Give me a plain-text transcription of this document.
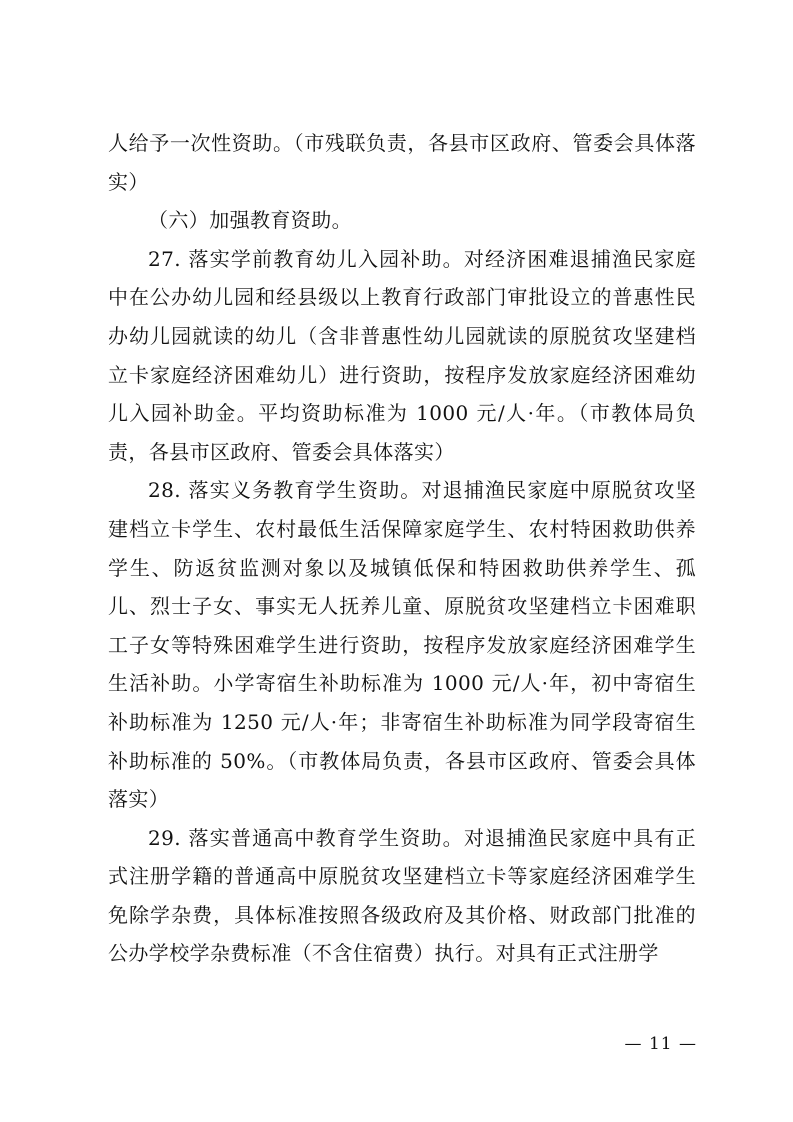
人给予一次性资助。（市残联负责，各县市区政府、管委会具体落实）

（六）加强教育资助。

27. 落实学前教育幼儿入园补助。对经济困难退捕渔民家庭中在公办幼儿园和经县级以上教育行政部门审批设立的普惠性民办幼儿园就读的幼儿（含非普惠性幼儿园就读的原脱贫攻坚建档立卡家庭经济困难幼儿）进行资助，按程序发放家庭经济困难幼儿入园补助金。平均资助标准为 1000 元/人·年。（市教体局负责，各县市区政府、管委会具体落实）

28. 落实义务教育学生资助。对退捕渔民家庭中原脱贫攻坚建档立卡学生、农村最低生活保障家庭学生、农村特困救助供养学生、防返贫监测对象以及城镇低保和特困救助供养学生、孤儿、烈士子女、事实无人抚养儿童、原脱贫攻坚建档立卡困难职工子女等特殊困难学生进行资助，按程序发放家庭经济困难学生生活补助。小学寄宿生补助标准为 1000 元/人·年，初中寄宿生补助标准为 1250 元/人·年；非寄宿生补助标准为同学段寄宿生补助标准的 50%。（市教体局负责，各县市区政府、管委会具体落实）

29. 落实普通高中教育学生资助。对退捕渔民家庭中具有正式注册学籍的普通高中原脱贫攻坚建档立卡等家庭经济困难学生免除学杂费，具体标准按照各级政府及其价格、财政部门批准的公办学校学杂费标准（不含住宿费）执行。对具有正式注册学

— 11 —
